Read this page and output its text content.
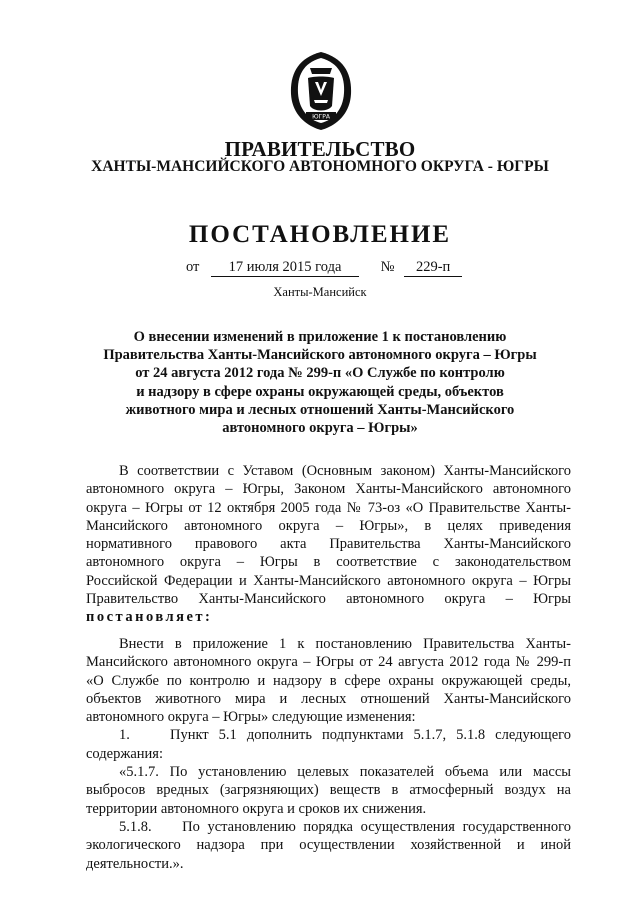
ЮГРА
ПРАВИТЕЛЬСТВО
ХАНТЫ-МАНСИЙСКОГО АВТОНОМНОГО ОКРУГА - ЮГРЫ
ПОСТАНОВЛЕНИЕ
от 17 июля 2015 года	№ 229-п
Ханты-Мансийск
О внесении изменений в приложение 1 к постановлению
Правительства Ханты-Мансийского автономного округа – Югры
от 24 августа 2012 года № 299-п «О Службе по контролю
и надзору в сфере охраны окружающей среды, объектов
животного мира и лесных отношений Ханты-Мансийского
автономного округа – Югры»
В соответствии с Уставом (Основным законом) Ханты-Мансийского
автономного округа – Югры, Законом Ханты-Мансийского автономного
округа – Югры от 12 октября 2005 года № 73-оз «О Правительстве Ханты-
Мансийского автономного округа – Югры», в целях приведения
нормативного правового акта Правительства Ханты-Мансийского
автономного округа – Югры в соответствие с законодательством
Российской Федерации и Ханты-Мансийского автономного округа – Югры
Правительство Ханты-Мансийского автономного округа – Югры
постановляет:
Внести в приложение 1 к постановлению Правительства Ханты-
Мансийского автономного округа – Югры от 24 августа 2012 года № 299-п
«О Службе по контролю и надзору в сфере охраны окружающей среды,
объектов животного мира и лесных отношений Ханты-Мансийского
автономного округа – Югры» следующие изменения:
1.    Пункт 5.1 дополнить подпунктами 5.1.7, 5.1.8 следующего
содержания:
«5.1.7. По установлению целевых показателей объема или массы
выбросов вредных (загрязняющих) веществ в атмосферный воздух на
территории автономного округа и сроков их снижения.
5.1.8.    По установлению порядка осуществления государственного
экологического надзора при осуществлении хозяйственной и иной
деятельности.».
